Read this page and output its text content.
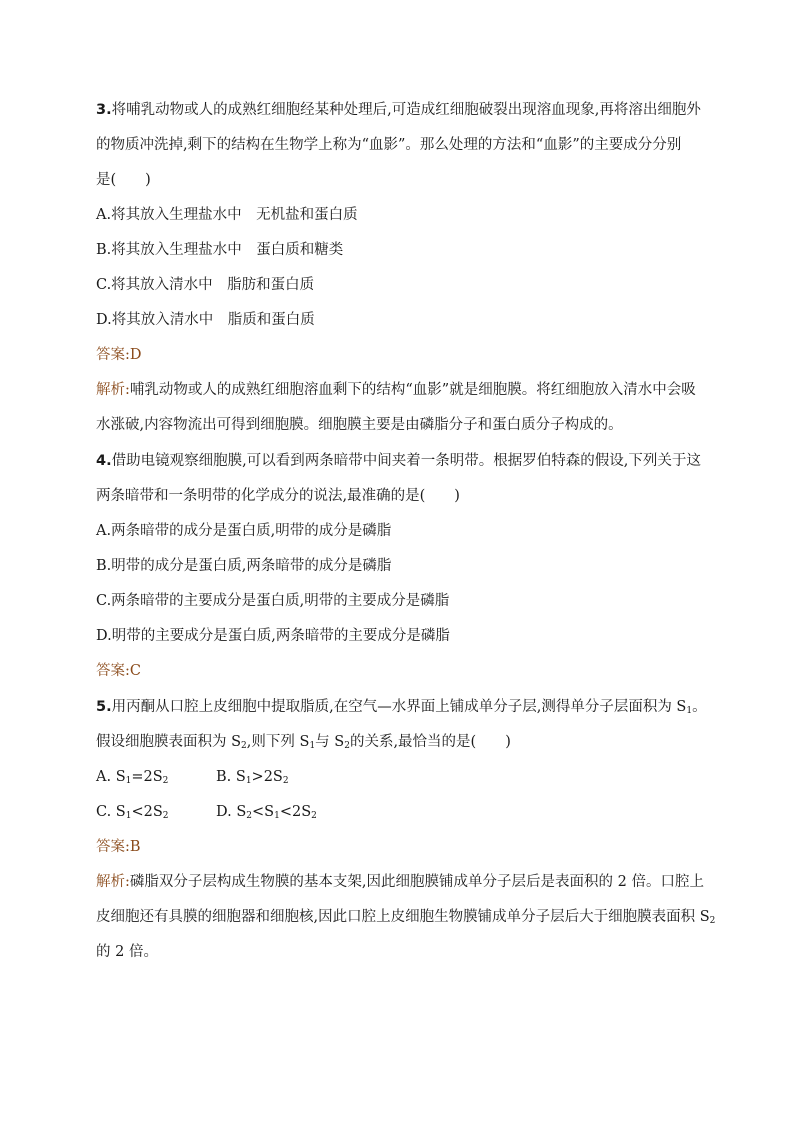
3.将哺乳动物或人的成熟红细胞经某种处理后,可造成红细胞破裂出现溶血现象,再将溶出细胞外
的物质冲洗掉,剩下的结构在生物学上称为“血影”。那么处理的方法和“血影”的主要成分分别
是(　　)
A.将其放入生理盐水中　无机盐和蛋白质
B.将其放入生理盐水中　蛋白质和糖类
C.将其放入清水中　脂肪和蛋白质
D.将其放入清水中　脂质和蛋白质
答案:D
解析:哺乳动物或人的成熟红细胞溶血剩下的结构“血影”就是细胞膜。将红细胞放入清水中会吸
水涨破,内容物流出可得到细胞膜。细胞膜主要是由磷脂分子和蛋白质分子构成的。
4.借助电镜观察细胞膜,可以看到两条暗带中间夹着一条明带。根据罗伯特森的假设,下列关于这
两条暗带和一条明带的化学成分的说法,最准确的是(　　)
A.两条暗带的成分是蛋白质,明带的成分是磷脂
B.明带的成分是蛋白质,两条暗带的成分是磷脂
C.两条暗带的主要成分是蛋白质,明带的主要成分是磷脂
D.明带的主要成分是蛋白质,两条暗带的主要成分是磷脂
答案:C
5.用丙酮从口腔上皮细胞中提取脂质,在空气—水界面上铺成单分子层,测得单分子层面积为 $S_1$。
假设细胞膜表面积为 $S_2$,则下列 $S_1$与 $S_2$的关系,最恰当的是(　　)
A. $S_1=2S_2$	B. $S_1>2S_2$
C. $S_1<2S_2$	D. $S_2<S_1<2S_2$
答案:B
解析:磷脂双分子层构成生物膜的基本支架,因此细胞膜铺成单分子层后是表面积的 2 倍。口腔上
皮细胞还有具膜的细胞器和细胞核,因此口腔上皮细胞生物膜铺成单分子层后大于细胞膜表面积 $S_2$
的 2 倍。
